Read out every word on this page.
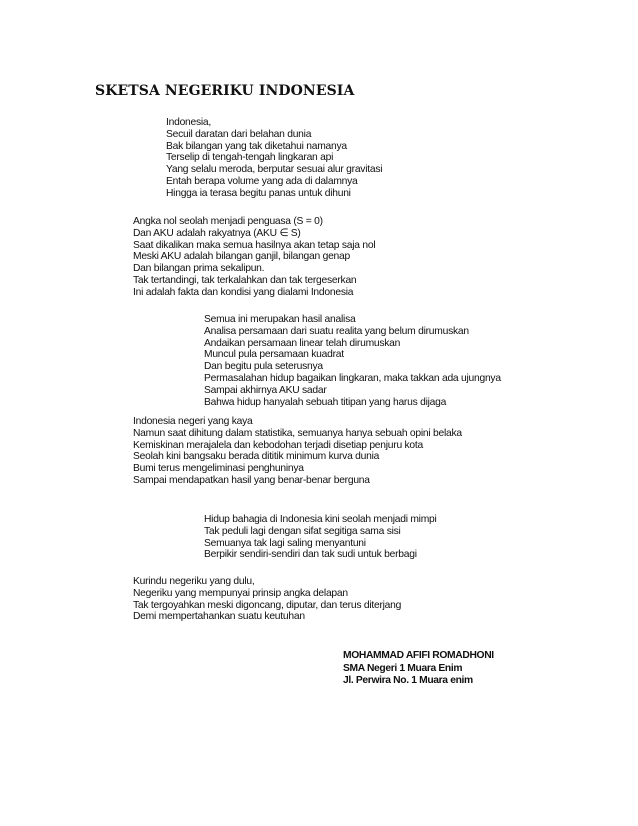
SKETSA NEGERIKU INDONESIA
Indonesia,
Secuil daratan dari belahan dunia
Bak bilangan yang tak diketahui namanya
Terselip di tengah-tengah lingkaran api
Yang selalu meroda, berputar sesuai alur gravitasi
Entah berapa volume yang ada di dalamnya
Hingga ia terasa begitu panas untuk dihuni
Angka nol seolah menjadi penguasa (S = 0)
Dan AKU adalah rakyatnya (AKU ∈ S)
Saat dikalikan maka semua hasilnya akan tetap saja nol
Meski AKU adalah bilangan ganjil, bilangan genap
Dan bilangan prima sekalipun.
Tak tertandingi, tak terkalahkan dan tak tergeserkan
Ini adalah fakta dan kondisi yang dialami Indonesia
Semua ini merupakan hasil analisa
Analisa persamaan dari suatu realita yang belum dirumuskan
Andaikan persamaan linear telah dirumuskan
Muncul pula persamaan kuadrat
Dan begitu pula seterusnya
Permasalahan hidup bagaikan lingkaran, maka takkan ada ujungnya
Sampai akhirnya AKU sadar
Bahwa hidup hanyalah sebuah titipan yang harus dijaga
Indonesia negeri yang kaya
Namun saat dihitung dalam statistika, semuanya hanya sebuah opini belaka
Kemiskinan merajalela dan kebodohan terjadi disetiap penjuru kota
Seolah kini bangsaku berada dititik minimum kurva dunia
Bumi terus mengeliminasi penghuninya
Sampai mendapatkan hasil yang benar-benar berguna
Hidup bahagia di Indonesia kini seolah menjadi mimpi
Tak peduli lagi dengan sifat segitiga sama sisi
Semuanya tak lagi saling menyantuni
Berpikir sendiri-sendiri dan tak sudi untuk berbagi
Kurindu negeriku yang dulu,
Negeriku yang mempunyai prinsip angka delapan
Tak tergoyahkan meski digoncang, diputar, dan terus diterjang
Demi mempertahankan suatu keutuhan
MOHAMMAD AFIFI ROMADHONI
SMA Negeri 1 Muara Enim
Jl. Perwira No. 1 Muara enim
